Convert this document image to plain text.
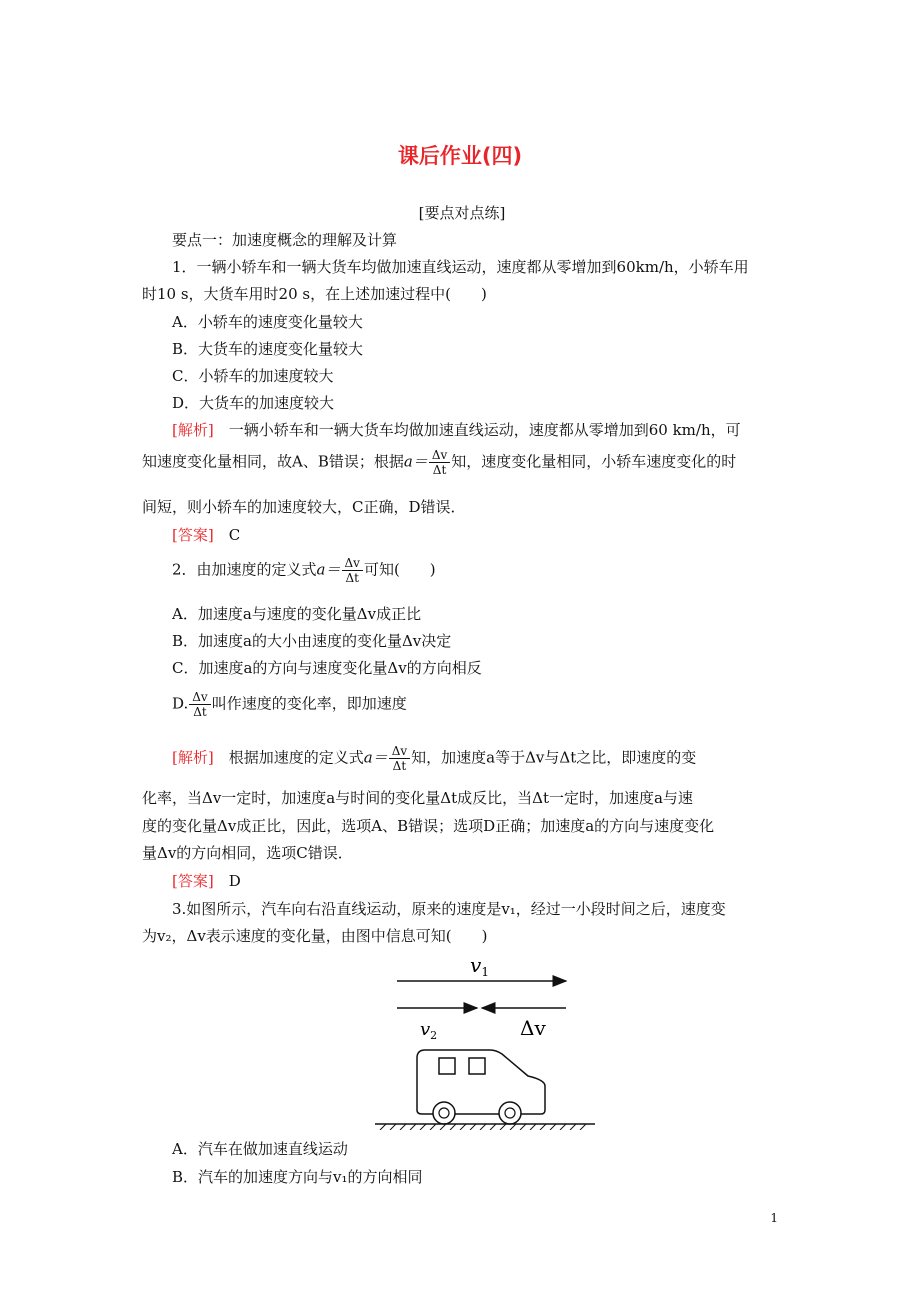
课后作业(四)
[要点对点练]
要点一：加速度概念的理解及计算
1．一辆小轿车和一辆大货车均做加速直线运动，速度都从零增加到60km/h，小轿车用
时10 s，大货车用时20 s，在上述加速过程中(　　)
A．小轿车的速度变化量较大
B．大货车的速度变化量较大
C．小轿车的加速度较大
D．大货车的加速度较大
[解析]　一辆小轿车和一辆大货车均做加速直线运动，速度都从零增加到60 km/h，可
知速度变化量相同，故A、B错误；根据$a= \frac{\Delta v}{\Delta t}$ 知，速度变化量相同，小轿车速度变化的时
间短，则小轿车的加速度较大，C正确，D错误．
[答案]　 C
2．由加速度的定义式$a= \frac{\Delta v}{\Delta t}$ 可知(　　)
A．加速度a与速度的变化量Δv成正比
B．加速度a的大小由速度的变化量Δv决定
C．加速度a的方向与速度变化量Δv的方向相反
D. $\frac{\Delta v}{\Delta t}$ 叫作速度的变化率，即加速度
[解析]　根据加速度的定义式$a= \frac{\Delta v}{\Delta t}$ 知，加速度a等于Δv与Δt之比，即速度的变
化率，当Δv一定时，加速度a与时间的变化量Δt成反比，当Δt一定时，加速度a与速
度的变化量Δv成正比，因此，选项A、B错误；选项D正确；加速度a的方向与速度变化
量Δv的方向相同，选项C错误．
[答案]　 D
3.如图所示，汽车向右沿直线运动，原来的速度是v₁，经过一小段时间之后，速度变
为v₂，Δv表示速度的变化量，由图中信息可知(　　)
$v_1$
$v_2$	Δv
A．汽车在做加速直线运动
B．汽车的加速度方向与v₁的方向相同
1
